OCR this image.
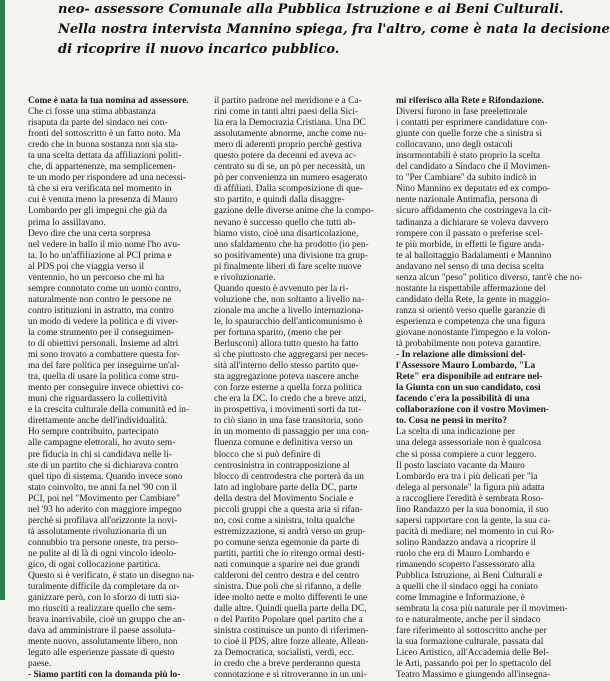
neo- assessore Comunale alla Pubblica Istruzione e ai Beni Culturali.
Nella nostra intervista Mannino spiega, fra l'altro, come è nata la decisione
di ricoprire il nuovo incarico pubblico.
Come è nata la tua nomina ad assessore.
Che ci fosse una stima abbastanza
risaputa da parte del sindaco nei con-
fronti del sottoscritto è un fatto noto. Ma
credo che in buona sostanza non sia sta-
ta una scelta dettata da affiliazioni politi-
che, di appartenenze, ma semplicemen-
te un modo per rispondere ad una necessi-
tà che si era verificata nel momento in
cui è venuta meno la presenza di Mauro
Lombardo per gli impegni che già da
prima lo assillavano.
Devo dire che una certa sorpresa
nel vedere in ballo il mio nome l'ho avu-
ta. Io ho un'affiliazione al PCI prima e
al PDS poi che viaggia verso il
ventennio, ho un percorso che mi ha
sempre connotato come un uomo contro,
naturalmente non contro le persone ne
contro istituzioni in astratto, ma contro
un modo di vedere la politica e di viver-
la come strumento per il conseguimen-
to di obiettivi personali. Insieme ad altri
mi sono trovato a combattere questa for-
ma del fare politica per inseguirne un'al-
tra, quella di usare la politica come stru-
mento per conseguire invece obiettivi co-
muni che riguardassero la collettività
e la crescita culturale della comunità ed in-
direttamente anche dell'individualità.
Ho sempre contribuito, partecipato
alle campagne elettorali, ho avuto sem-
pre fiducia in chi si candidava nelle li-
ste di un partito che si dichiarava contro
quel tipo di sistema. Quando invece sono
stato coinvolto, tre anni fa nel '90 con il
PCI, poi nel "Movimento per Cambiare"
nel '93 ho aderito con maggiore impegno
perchè si profilava all'orizzonte la novi-
tà assolutamente rivoluzionaria di un
connubbio tra persone oneste, tra perso-
ne pulite al di là di ogni vincolo ideolo-
gico, di ogni collocazione partitica.
Questo si è verificato, è stato un disegno na-
turalmente difficile da completare da or-
ganizzare però, con lo sforzo di tutti sia-
mo riusciti a realizzare quello che sem-
brava inarrivabile, cioè un gruppo che an-
dava ad amministrare il paese assoluta-
mente nuovo, assolutamente libero, non
legato alle esperienze passate di questo
paese.
- Siamo partiti con la domanda più lo-
il partito padrone nel meridione e a Ca-
rini come in tanti altri paesi della Sici-
lia era la Democrazia Cristiana. Una DC
assolutamente abnorme, anche come nu-
mero di aderenti proprio perchè gestiva
questo potere da decenni ed aveva ac-
centrato su di se, un pò per necessità, un
pò per convenienza un numero esagerato
di affiliati. Dalla scomposizione di que-
sto partito, e quindi dalla disaggre-
gazione delle diverse anime che la compo-
nevano è successo quello che tutti ab-
biamo visto, cioè una disarticolazione,
uno sfaldamento che ha prodotto (io pen-
so positivamente) una divisione tra grup-
pi finalmente liberi di fare scelte nuove
e rivoluzionarie.
Quando questo è avvenuto per la ri-
voluzione che, non soltanto a livello na-
zionale ma anche a livello internaziona-
le, lo spauracchio dell'anticomunismo è
per fortuna sparito, (meno che per
Berlusconi) allora tutto questo ha fatto
sì che piuttosto che aggregarsi per neces-
sità all'interno dello stesso partito que-
sta aggregazione poteva nascere anche
con forze esterne a quella forza politica
che era la DC. Io credo che a breve anzi,
in prospettiva, i movimenti sorti da tut-
to ciò siano in una fase transitoria, sono
in un momento di passaggio per una con-
fluenza comune e definitiva verso un
blocco che si può definire di
centrosinistra in contrapposizione al
blocco di centrodestra che porterà da un
lato ad inglobare parte della DC, parte
della destra del Movimento Sociale e
piccoli gruppi che a questa aria si rifan-
no, così come a sinistra, tolta qualche
estremizzazione, si andrà verso un grup-
po comune senza egemonie da parte di
partiti, partiti che io ritengo ormai desti-
nati comunque a sparire nei due grandi
calderoni del centro destra e del centro
sinistra. Due poli che si rifanno, a delle
idee molto nette e molto differenti le une
dalle altre. Quindi quella parte della DC,
o del Partito Popolare quel partito che a
sinistra costituisce un punto di riferimen-
to cioè il PDS, altre forze alleate, Allean-
za Democratica, socialisti, verdi, ecc.
io credo che a breve perderanno questa
connotazione e si ritroveranno in un uni-
mi riferisco alla Rete e Rifondazione.
Diversi furono in fase preelettorale
i contatti per esprimere candidature con-
giunte con quelle forze che a sinistra si
collocavano, uno degli ostacoli
insormontabili è stato proprio la scelta
del candidato a Sindaco che il Movimen-
to "Per Cambiare" da subito indicò in
Nino Mannino ex deputato ed ex compo-
nente nazionale Antimafia, persona di
sicuro affidamento che costringeva la cit-
tadinanza a dichiarare se voleva davvero
rompere con il passato o preferise scel-
te più morbide, in effetti le figure anda-
te al ballottaggio Badalamenti e Mannino
andavano nel senso di una decisa scelta
senza alcun "peso" politico diverso, tant'è che no-
nostante la rispettabile affermazione del
candidato della Rete, la gente in maggio-
ranza si orientò verso quelle garanzie di
esperienza e competenza che una figura
giovane nonostante l'impegno e la volon-
tà probabilmente non poteva garantire.
- In relazione alle dimissioni del-
l'Assessore Mauro Lombardo, "La
Rete" era disponibile ad entrare nel-
la Giunta con un suo candidato, così
facendo c'era la possibilità di una
collaborazione con il vostro Movimen-
to. Cosa ne pensi in merito?
La scelta di una indicazione per
una delega assessoriale non è qualcosa
che si possa compiere a cuor leggero.
Il posto lasciato vacante da Mauro
Lombardo era tra i più delicati per "la
delega al personale" la figura più adatta
a raccogliere l'eredità è sembrata Roso-
lino Randazzo per la sua bonomia, il suo
sapersi rapportare con la gente, la sua ca-
pacità di mediare; nel momento in cui Ro-
solino Randazzo andava a ricoprire il
ruolo che era di Mauro Lombardo e
rimanendo scoperto l'assessorato alla
Pubblica Istruzione, ai Beni Culturali e
a quelli che il sindaco oggi ha coniato
come Immagine e Informazione, è
sembrata la cosa più naturale per il movimen-
to e naturalmente, anche per il sindaco
fare riferimento al sottoscritto anche per
la sua formazione culturale, passata dal
Liceo Artistico, all'Accademia delle Bel-
le Arti, passando poi per lo spettacolo del
Teatro Massimo e giungendo all'insegna-
